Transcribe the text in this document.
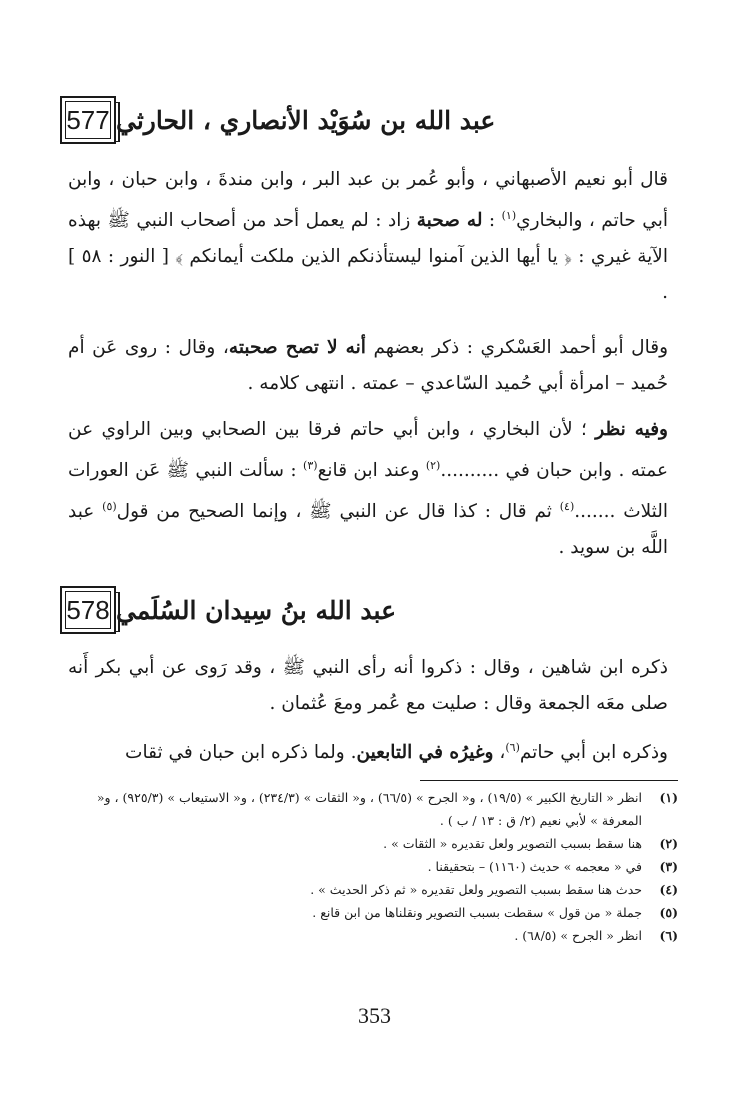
577 عبد الله بن سُوَيْد الأنصاري ، الحارثي
قال أبو نعيم الأصبهاني ، وأبو عُمر بن عبد البر ، وابن مندةَ ، وابن حبان ، وابن أبي حاتم ، والبخاري$^{(١)}$ : له صحبة زاد : لم يعمل أحد من أصحاب النبي ﷺ بهذه الآية غيري : ﴿ يا أيها الذين آمنوا ليستأذنكم الذين ملكت أيمانكم ﴾ [ النور : ٥٨ ] .
وقال أبو أحمد العَسْكري : ذكر بعضهم أنه لا تصح صحبته، وقال : روى عَن أم حُميد – امرأة أبي حُميد السّاعدي – عمته . انتهى كلامه .
وفيه نظر ؛ لأن البخاري ، وابن أبي حاتم فرقا بين الصحابي وبين الراوي عن عمته . وابن حبان في ..........$^{(٢)}$ وعند ابن قانع$^{(٣)}$ : سألت النبي ﷺ عَن العورات الثلاث .......$^{(٤)}$ ثم قال : كذا قال عن النبي ﷺ ، وإنما الصحيح من قول$^{(٥)}$ عبد اللَّه بن سويد .
578 عبد الله بنُ سِيدان السُلَمي
ذكره ابن شاهين ، وقال : ذكروا أنه رأى النبي ﷺ ، وقد رَوى عن أبي بكر أَنه صلى معَه الجمعة وقال : صليت مع عُمر ومعَ عُثمان .
وذكره ابن أبي حاتم$^{(٦)}$، وغيرُه في التابعين. ولما ذكره ابن حبان في ثقات
(١)
انظر « التاريخ الكبير » (١٩/٥) ، و« الجرح » (٦٦/٥) ، و« الثقات » (٢٣٤/٣) ، و« الاستيعاب » (٩٢٥/٣) ، و« المعرفة » لأبي نعيم (٢/ ق : ١٣ / ب ) .
(٢)
هنا سقط بسبب التصوير ولعل تقديره « الثقات » .
(٣)
في « معجمه » حديث (١١٦٠) – بتحقيقنا .
(٤)
حدث هنا سقط بسبب التصوير ولعل تقديره « ثم ذكر الحديث » .
(٥)
جملة « من قول » سقطت بسبب التصوير ونقلناها من ابن قانع .
(٦)
انظر « الجرح » (٦٨/٥) .
353
